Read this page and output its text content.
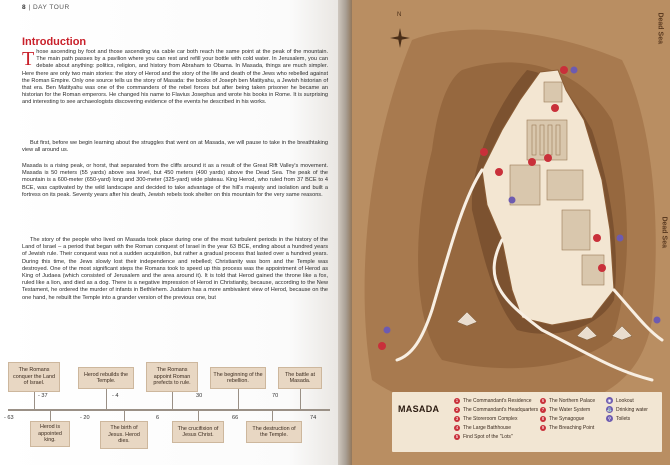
8 | DAY TOUR
Introduction
Those ascending by foot and those ascending via cable car both reach the same point at the peak of the mountain. The main path passes by a pavilion where you can rest and refill your bottle with cold water. In Jerusalem, you can debate about anything: politics, religion, and history from Abraham to Obama. In Masada, things are much simpler. Here there are only two main stories: the story of Herod and the story of the life and death of the Jews who rebelled against the Roman Empire. Only one source tells us the story of Masada: the books of Joseph ben Matityahu, a Jewish historian of that era. Ben Matityahu was one of the commanders of the rebel forces but after being taken prisoner he became an historian for the Roman emperors. He changed his name to Flavius Josephus and wrote his books in Rome. It is surprising and interesting to see archaeologists discovering evidence of the events he described in his works.
But first, before we begin learning about the struggles that went on at Masada, we will pause to take in the breathtaking view all around us.
Masada is a rising peak, or horst, that separated from the cliffs around it as a result of the Great Rift Valley's movement. Masada is 50 meters (55 yards) above sea level, but 450 meters (490 yards) above the Dead Sea. The peak of the mountain is a 600-meter (650-yard) long and 300-meter (325-yard) wide plateau. King Herod, who ruled from 37 BCE to 4 BCE, was captivated by the wild landscape and decided to take advantage of the hill's majesty and isolation and built a fortress on its peak. Seventy years after his death, Jewish rebels took shelter on this mountain for the very same reasons.
The story of the people who lived on Masada took place during one of the most turbulent periods in the history of the Land of Israel – a period that began with the Roman conquest of Israel in the year 63 BCE, ending about a hundred years of Jewish rule. Their conquest was not a sudden acquisition, but rather a gradual process that lasted over a hundred years. During this time, the Jews slowly lost their independence and rebelled; Christianity was born and the Temple was destroyed. One of the most significant steps the Romans took to speed up this process was the appointment of Herod as King of Judaea (which consisted of Jerusalem and the area around it). It is told that Herod gained the throne like a fox, ruled like a lion, and died as a dog. There is a negative impression of Herod in Christianity, because, according to the New Testament, he ordered the murder of infants in Bethlehem. Judaism has a more ambivalent view of Herod, because on the one hand, he rebuilt the Temple into a grander version of the previous one, but
The Romans conquer the Land of Israel.
Herod rebuilds the Temple.
The Romans appoint Roman prefects to rule.
The beginning of the rebellion.
The battle at Masada.
- 37	- 4	30	70
- 63	- 20	6	66	74
Herod is appointed king.
The birth of Jesus. Herod dies.
The crucifixion of Jesus Christ.
The destruction of the Temple.
N	Dead Sea
Dead Sea
MASADA
1 The Commandant's Residence
2 The Commandant's Headquarters
3 The Storeroom Complex
4 The Large Bathhouse
5 Find Spot of the "Lots"
6 The Northern Palace
7 The Water System
8 The Synagogue
9 The Breaching Point
◉ Lookout
⛲ Drinking water
⚲ Toilets
